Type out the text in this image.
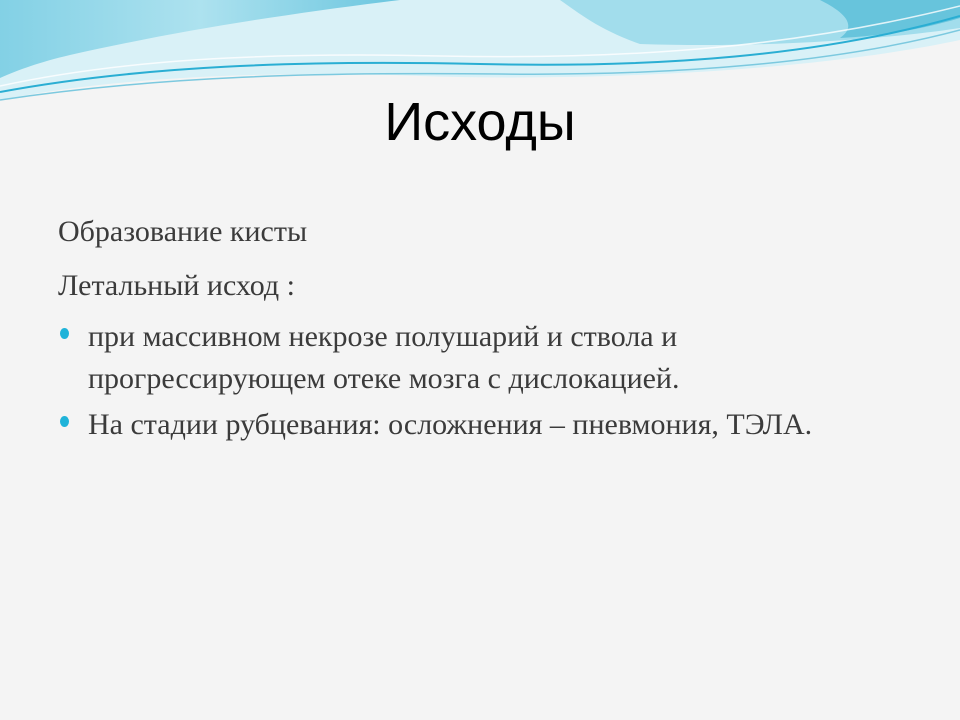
Исходы

Образование кисты

Летальный исход :

при массивном некрозе полушарий и ствола и прогрессирующем отеке мозга с дислокацией.
На стадии рубцевания: осложнения – пневмония, ТЭЛА.
